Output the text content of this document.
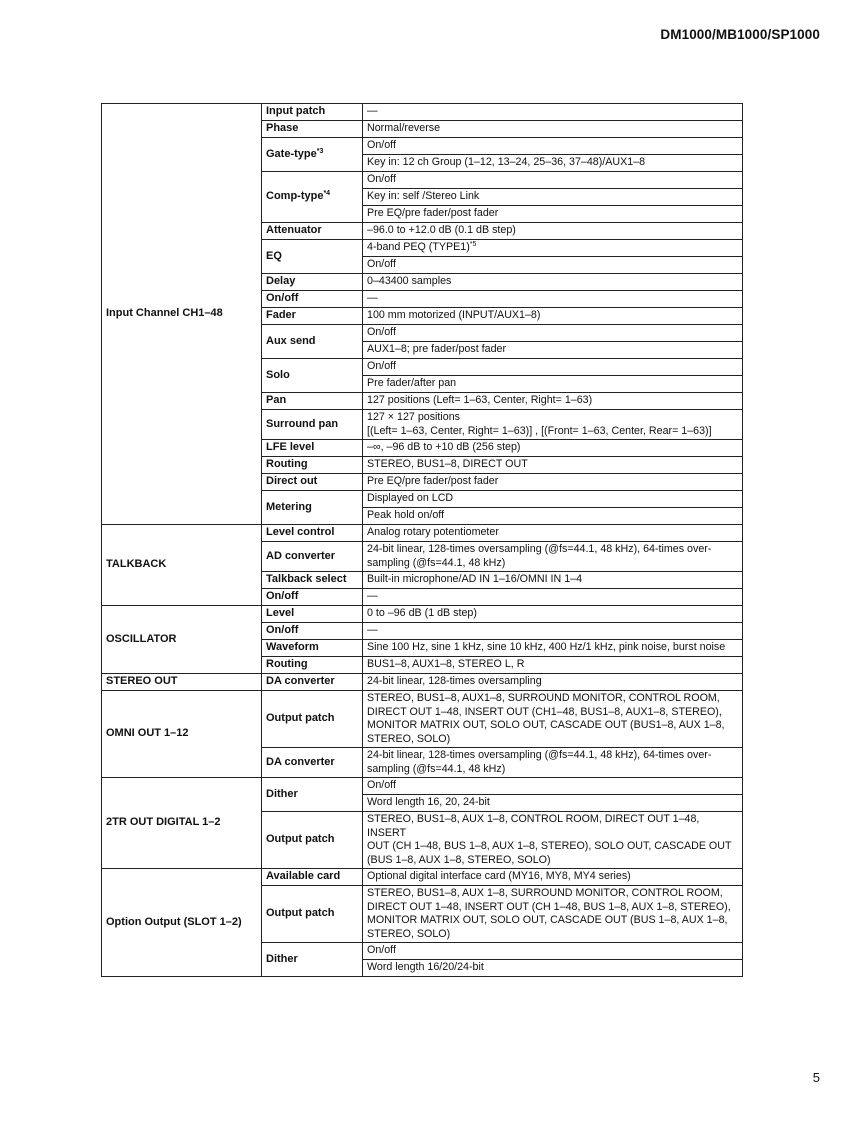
DM1000/MB1000/SP1000
Input Channel CH1–48	Input patch	—
	Phase	Normal/reverse
	Gate-type$^{*3}$	On/off
		Key in: 12 ch Group (1–12, 13–24, 25–36, 37–48)/AUX1–8
	Comp-type$^{*4}$	On/off
		Key in: self /Stereo Link
		Pre EQ/pre fader/post fader
	Attenuator	–96.0 to +12.0 dB (0.1 dB step)
	EQ	4-band PEQ (TYPE1)$^{*5}$
		On/off
	Delay	0–43400 samples
	On/off	—
	Fader	100 mm motorized (INPUT/AUX1–8)
	Aux send	On/off
		AUX1–8; pre fader/post fader
	Solo	On/off
		Pre fader/after pan
	Pan	127 positions (Left= 1–63, Center, Right= 1–63)
	Surround pan	127 × 127 positions
[(Left= 1–63, Center, Right= 1–63)] , [(Front= 1–63, Center, Rear= 1–63)]
	LFE level	–∞, –96 dB to +10 dB (256 step)
	Routing	STEREO, BUS1–8, DIRECT OUT
	Direct out	Pre EQ/pre fader/post fader
	Metering	Displayed on LCD
		Peak hold on/off
TALKBACK	Level control	Analog rotary potentiometer
	AD converter	24-bit linear, 128-times oversampling (@fs=44.1, 48 kHz), 64-times over-
sampling (@fs=44.1, 48 kHz)
	Talkback select	Built-in microphone/AD IN 1–16/OMNI IN 1–4
	On/off	—
OSCILLATOR	Level	0 to –96 dB (1 dB step)
	On/off	—
	Waveform	Sine 100 Hz, sine 1 kHz, sine 10 kHz, 400 Hz/1 kHz, pink noise, burst noise
	Routing	BUS1–8, AUX1–8, STEREO L, R
STEREO OUT	DA converter	24-bit linear, 128-times oversampling
OMNI OUT 1–12	Output patch	STEREO, BUS1–8, AUX1–8, SURROUND MONITOR, CONTROL ROOM,
DIRECT OUT 1–48, INSERT OUT (CH1–48, BUS1–8, AUX1–8, STEREO),
MONITOR MATRIX OUT, SOLO OUT, CASCADE OUT (BUS1–8, AUX 1–8,
STEREO, SOLO)
	DA converter	24-bit linear, 128-times oversampling (@fs=44.1, 48 kHz), 64-times over-
sampling (@fs=44.1, 48 kHz)
2TR OUT DIGITAL 1–2	Dither	On/off
		Word length 16, 20, 24-bit
	Output patch	STEREO, BUS1–8, AUX 1–8, CONTROL ROOM, DIRECT OUT 1–48, INSERT
OUT (CH 1–48, BUS 1–8, AUX 1–8, STEREO), SOLO OUT, CASCADE OUT
(BUS 1–8, AUX 1–8, STEREO, SOLO)
Option Output (SLOT 1–2)	Available card	Optional digital interface card (MY16, MY8, MY4 series)
	Output patch	STEREO, BUS1–8, AUX 1–8, SURROUND MONITOR, CONTROL ROOM,
DIRECT OUT 1–48, INSERT OUT (CH 1–48, BUS 1–8, AUX 1–8, STEREO),
MONITOR MATRIX OUT, SOLO OUT, CASCADE OUT (BUS 1–8, AUX 1–8,
STEREO, SOLO)
	Dither	On/off
		Word length 16/20/24-bit
5
